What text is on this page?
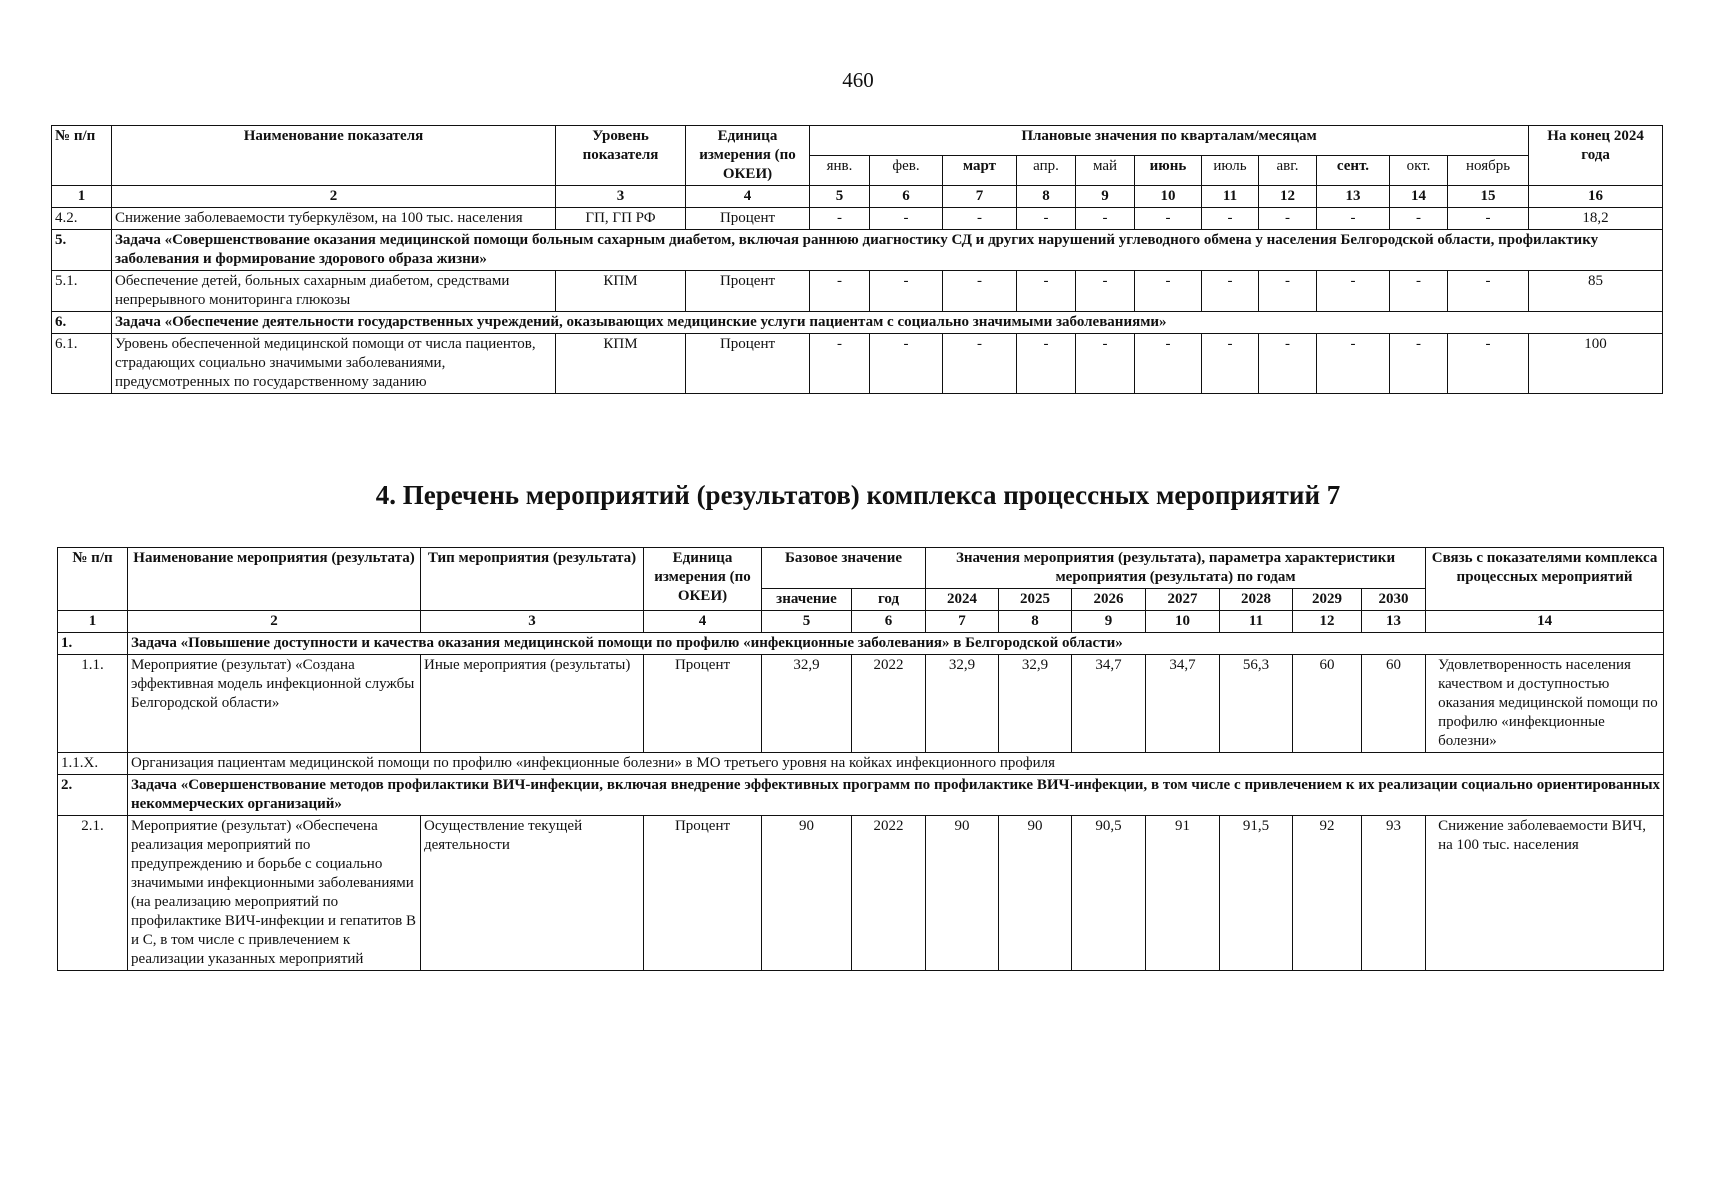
460
№ п/п	Наименование показателя	Уровень показателя	Единица измерения (по ОКЕИ)	Плановые значения по кварталам/месяцам											На конец 2024 года
				янв.	фев.	март	апр.	май	июнь	июль	авг.	сент.	окт.	ноябрь	
1	2	3	4	5	6	7	8	9	10	11	12	13	14	15	16
4.2.	Снижение заболеваемости туберкулёзом, на 100 тыс. населения	ГП, ГП РФ	Процент	-	-	-	-	-	-	-	-	-	-	-	18,2
5.	Задача «Совершенствование оказания медицинской помощи больным сахарным диабетом, включая раннюю диагностику СД и других нарушений углеводного обмена у населения Белгородской области, профилактику заболевания и формирование здорового образа жизни»														
5.1.	Обеспечение детей, больных сахарным диабетом, средствами непрерывного мониторинга глюкозы	КПМ	Процент	-	-	-	-	-	-	-	-	-	-	-	85
6.	Задача «Обеспечение деятельности государственных учреждений, оказывающих медицинские услуги пациентам с социально значимыми заболеваниями»														
6.1.	Уровень обеспеченной медицинской помощи от числа пациентов, страдающих социально значимыми заболеваниями, предусмотренных по государственному заданию	КПМ	Процент	-	-	-	-	-	-	-	-	-	-	-	100
4. Перечень мероприятий (результатов) комплекса процессных мероприятий 7
№ п/п	Наименование мероприятия (результата)	Тип мероприятия (результата)	Единица измерения (по ОКЕИ)	Базовое значение		Значения мероприятия (результата), параметра характеристики мероприятия (результата) по годам							Связь с показателями комплекса процессных мероприятий
				значение	год	2024	2025	2026	2027	2028	2029	2030	
1	2	3	4	5	6	7	8	9	10	11	12	13	14
1.	Задача «Повышение доступности и качества оказания медицинской помощи по профилю «инфекционные заболевания» в Белгородской области»												
1.1.	Мероприятие (результат) «Создана эффективная модель инфекционной службы Белгородской области»	Иные мероприятия (результаты)	Процент	32,9	2022	32,9	32,9	34,7	34,7	56,3	60	60	Удовлетворенность населения качеством и доступностью оказания медицинской помощи по профилю «инфекционные болезни»
1.1.X.	Организация пациентам медицинской помощи по профилю «инфекционные болезни» в МО третьего уровня на койках инфекционного профиля												
2.	Задача «Совершенствование методов профилактики ВИЧ-инфекции, включая внедрение эффективных программ по профилактике ВИЧ-инфекции, в том числе с привлечением к их реализации социально ориентированных некоммерческих организаций»												
2.1.	Мероприятие (результат) «Обеспечена реализация мероприятий по предупреждению и борьбе с социально значимыми инфекционными заболеваниями (на реализацию мероприятий по профилактике ВИЧ-инфекции и гепатитов В и С, в том числе с привлечением к реализации указанных мероприятий	Осуществление текущей деятельности	Процент	90	2022	90	90	90,5	91	91,5	92	93	Снижение заболеваемости ВИЧ, на 100 тыс. населения
